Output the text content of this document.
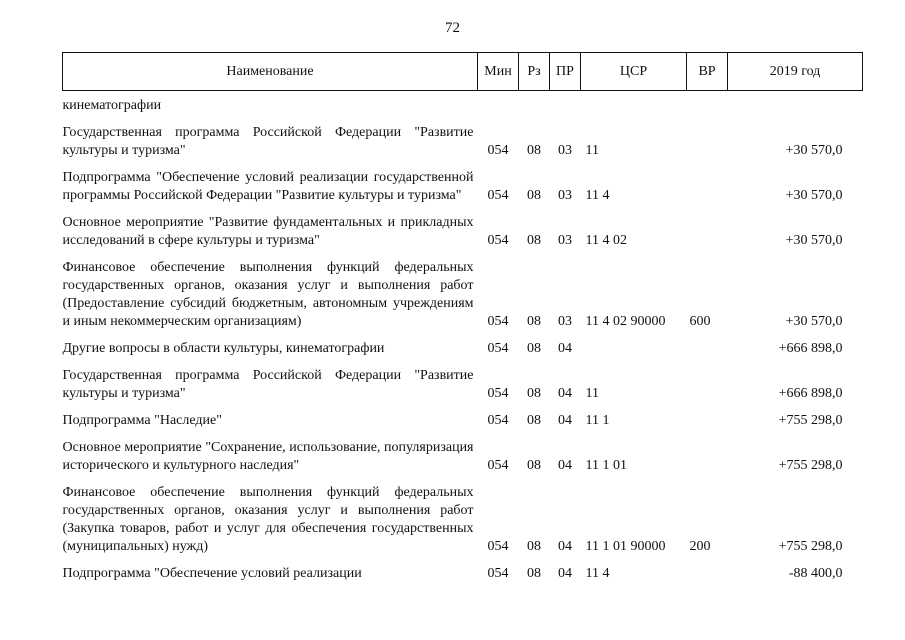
72
Наименование	Мин	Рз	ПР	ЦСР	ВР	2019 год

кинематографии						

Государственная программа Российской Федерации "Развитие культуры и туризма"	054	08	03	11		+30 570,0

Подпрограмма "Обеспечение условий реализации государственной программы Российской Федерации "Развитие культуры и туризма"	054	08	03	11 4		+30 570,0

Основное мероприятие "Развитие фундаментальных и прикладных исследований в сфере культуры и туризма"	054	08	03	11 4 02		+30 570,0

Финансовое обеспечение выполнения функций федеральных государственных органов, оказания услуг и выполнения работ (Предоставление субсидий бюджетным, автономным учреждениям и иным некоммерческим организациям)	054	08	03	11 4 02 90000	600	+30 570,0

Другие вопросы в области культуры, кинематографии	054	08	04			+666 898,0

Государственная программа Российской Федерации "Развитие культуры и туризма"	054	08	04	11		+666 898,0

Подпрограмма "Наследие"	054	08	04	11 1		+755 298,0

Основное мероприятие "Сохранение, использование, популяризация исторического и культурного наследия"	054	08	04	11 1 01		+755 298,0

Финансовое обеспечение выполнения функций федеральных государственных органов, оказания услуг и выполнения работ (Закупка товаров, работ и услуг для обеспечения государственных (муниципальных) нужд)	054	08	04	11 1 01 90000	200	+755 298,0

Подпрограмма "Обеспечение условий реализации	054	08	04	11 4		-88 400,0
